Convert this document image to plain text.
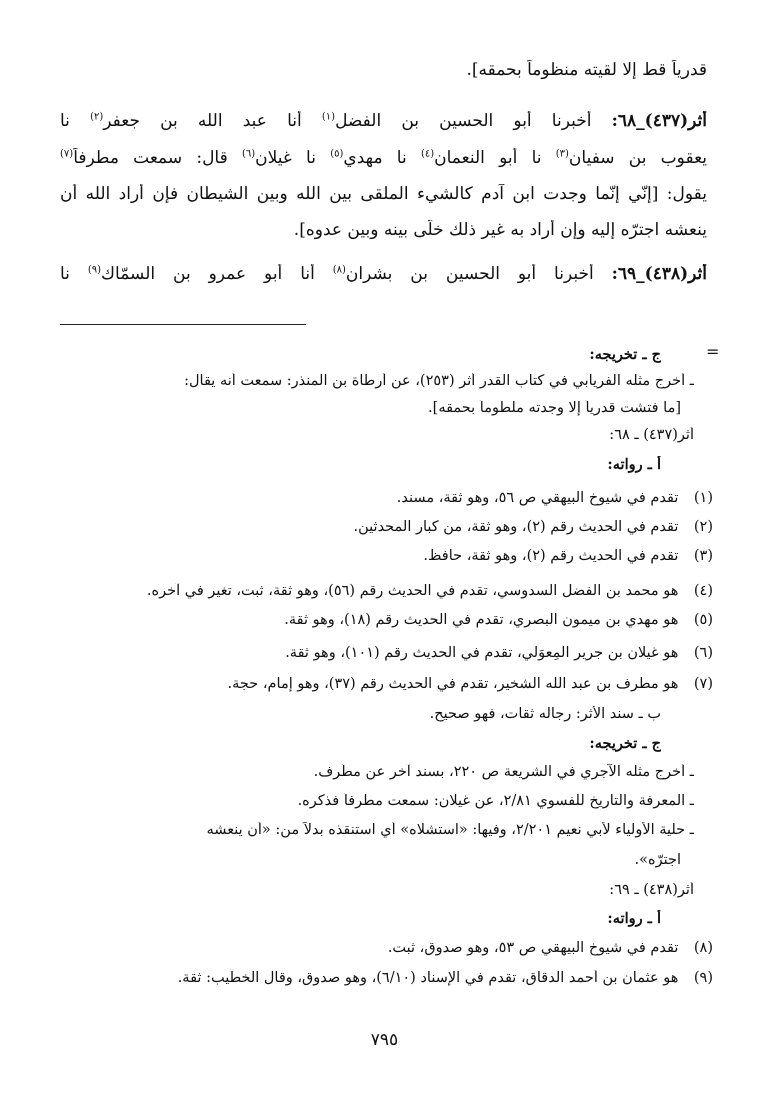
قدرياً قط إلا لقيته منظوماً بحمقه].
أثر(٤٣٧)_٦٨: أخبرنا أبو الحسين بن الفضل$^{(١)}$ أنا عبد الله بن جعفر$^{(٢)}$ نا
يعقوب بن سفيان$^{(٣)}$ نا أبو النعمان$^{(٤)}$ نا مهدي$^{(٥)}$ نا غيلان$^{(٦)}$ قال: سمعت مطرفاً$^{(٧)}$
يقول: [إنّي إنّما وجدت ابن آدم كالشيء الملقى بين الله وبين الشيطان فإن أراد الله أن
ينعشه اجترّه إليه وإن أراد به غير ذلك خلّى بينه وبين عدوه].
أثر(٤٣٨)_٦٩: أخبرنا أبو الحسين بن بشران$^{(٨)}$ أنا أبو عمرو بن السمّاك$^{(٩)}$ نا
=
ج ـ تخريجه:
ـ أخرج مثله الفريابي في كتاب القدر أثر (٢٥٣)، عن أرطاة بن المنذر: سمعت أنه يقال:
[ما فتشت قدرياً إلا وجدته ملطوماً بحمقه].
أثر(٤٣٧) ـ ٦٨:
أ ـ رواته:
(١) تقدم في شيوخ البيهقي ص ٥٦، وهو ثقة، مسند.
(٢) تقدم في الحديث رقم (٢)، وهو ثقة، من كبار المحدثين.
(٣) تقدم في الحديث رقم (٢)، وهو ثقة، حافظ.
(٤) هو محمد بن الفضل السدوسي، تقدم في الحديث رقم (٥٦)، وهو ثقة، ثبت، تغير في آخره.
(٥) هو مهدي بن ميمون البصري، تقدم في الحديث رقم (١٨)، وهو ثقة.
(٦) هو غيلان بن جرير المِعوَلي، تقدم في الحديث رقم (١٠١)، وهو ثقة.
(٧) هو مطرف بن عبد الله الشخير، تقدم في الحديث رقم (٣٧)، وهو إمام، حجة.
ب ـ سند الأثر: رجاله ثقات، فهو صحيح.
ج ـ تخريجه:
ـ أخرج مثله الآجري في الشريعة ص ٢٢٠، بسند آخر عن مطّرف.
ـ المعرفة والتاريخ للفسوي ٢/٨١، عن غيلان: سمعت مطرفاً فذكره.
ـ حلية الأولياء لأبي نعيم ٢/٢٠١، وفيها: «استشلاه» أي استنقذه بدلاً من: «أن ينعشه
اجترّه».
أثر(٤٣٨) ـ ٦٩:
أ ـ رواته:
(٨) تقدم في شيوخ البيهقي ص ٥٣، وهو صدوق، ثبت.
(٩) هو عثمان بن أحمد الدقاق، تقدم في الإسناد (٦/١٠)، وهو صدوق، وقال الخطيب: ثقة.
٧٩٥
